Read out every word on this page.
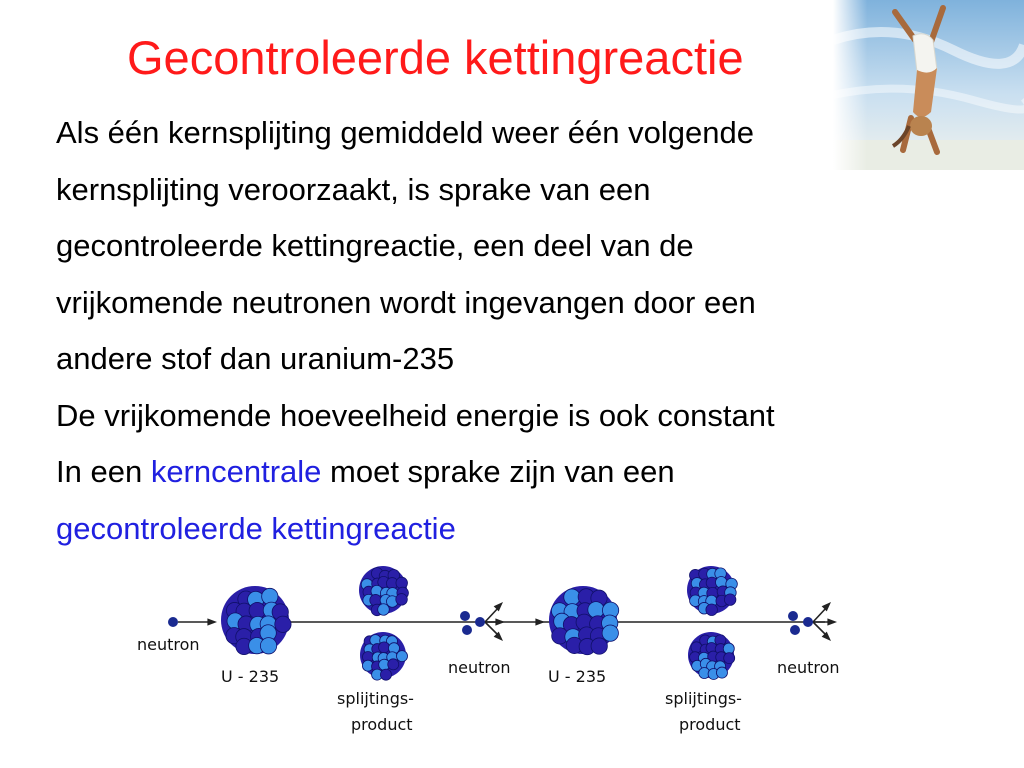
Gecontroleerde kettingreactie

Als één kernsplijting gemiddeld weer één volgende

kernsplijting veroorzaakt, is sprake van een

gecontroleerde kettingreactie, een deel van de

vrijkomende neutronen wordt ingevangen door een

andere stof dan uranium-235

De vrijkomende hoeveelheid energie is ook constant

In een kerncentrale moet sprake zijn van een

gecontroleerde kettingreactie

neutron
U - 235
splijtings-
product
neutron U - 235
splijtings-
product
neutron
